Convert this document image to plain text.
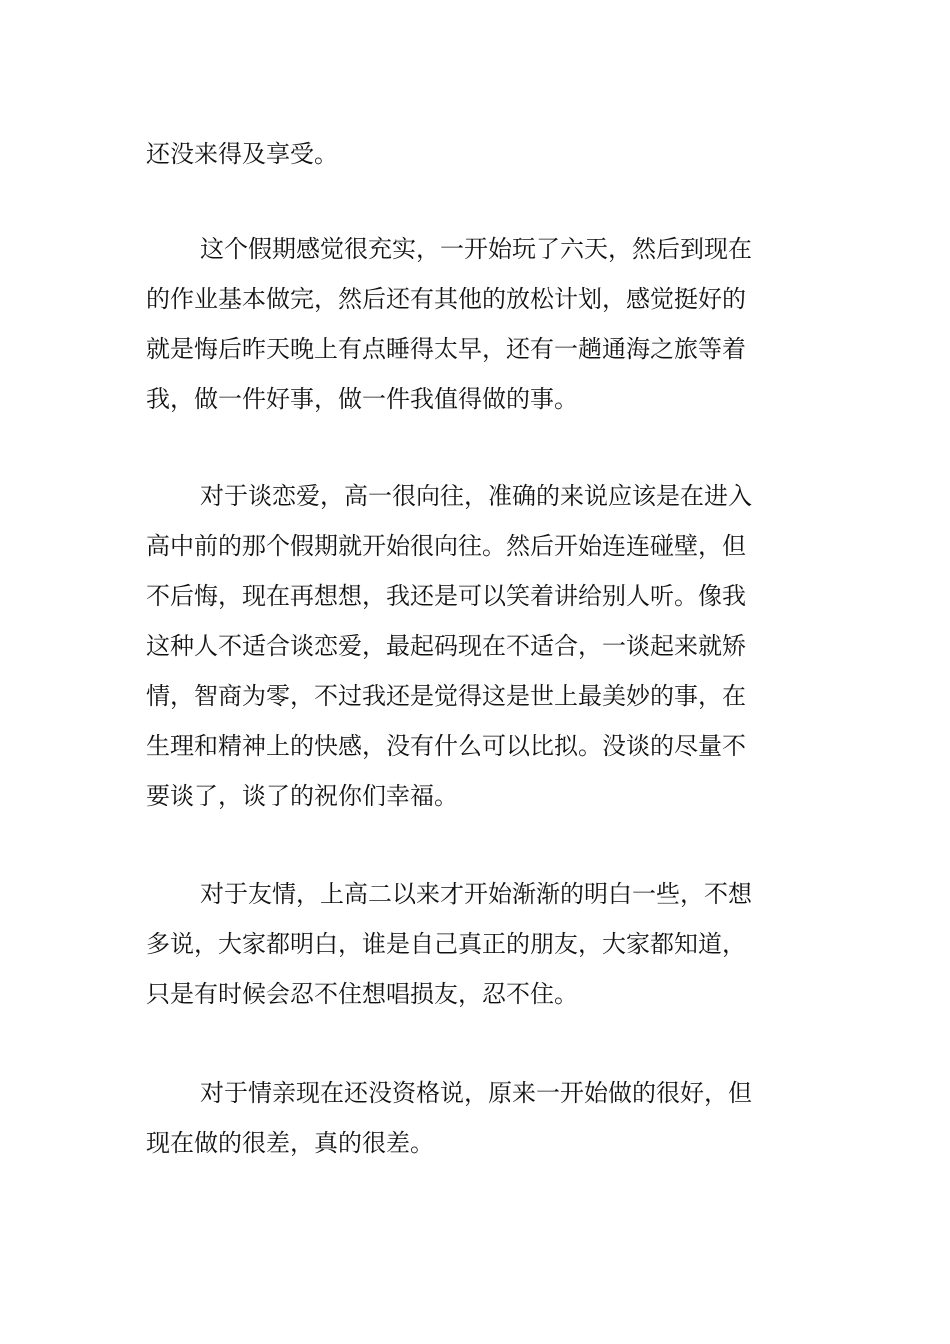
还没来得及享受。

这个假期感觉很充实，一开始玩了六天，然后到现在
的作业基本做完，然后还有其他的放松计划，感觉挺好的
就是悔后昨天晚上有点睡得太早，还有一趟通海之旅等着
我，做一件好事，做一件我值得做的事。

对于谈恋爱，高一很向往，准确的来说应该是在进入
高中前的那个假期就开始很向往。然后开始连连碰壁，但
不后悔，现在再想想，我还是可以笑着讲给别人听。像我
这种人不适合谈恋爱，最起码现在不适合，一谈起来就矫
情，智商为零，不过我还是觉得这是世上最美妙的事，在
生理和精神上的快感，没有什么可以比拟。没谈的尽量不
要谈了，谈了的祝你们幸福。

对于友情，上高二以来才开始渐渐的明白一些，不想
多说，大家都明白，谁是自己真正的朋友，大家都知道，
只是有时候会忍不住想唱损友，忍不住。

对于情亲现在还没资格说，原来一开始做的很好，但
现在做的很差，真的很差。
